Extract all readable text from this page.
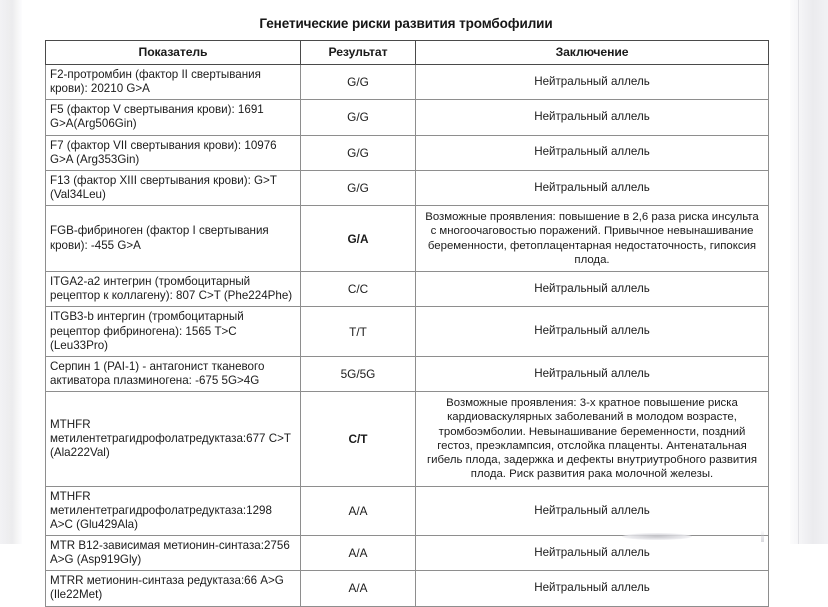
Генетические риски развития тромбофилии
Показатель	Результат	Заключение
F2-протромбин (фактор II свертывания крови): 20210 G>A	G/G	Нейтральный аллель
F5 (фактор V свертывания крови): 1691 G>A(Arg506Gin)	G/G	Нейтральный аллель
F7 (фактор VII свертывания крови): 10976 G>A (Arg353Gin)	G/G	Нейтральный аллель
F13 (фактор XIII свертывания крови): G>T (Val34Leu)	G/G	Нейтральный аллель
FGB-фибриноген (фактор I свертывания крови): -455 G>A	G/A	Возможные проявления: повышение в 2,6 раза риска инсульта с многоочаговостью поражений. Привычное невынашивание беременности, фетоплацентарная недостаточность, гипоксия плода.
ITGA2-a2 интегрин (тромбоцитарный рецептор к коллагену): 807 C>T (Phe224Phe)	C/C	Нейтральный аллель
ITGB3-b интергин (тромбоцитарный рецептор фибриногена): 1565 T>C (Leu33Pro)	T/T	Нейтральный аллель
Серпин 1 (PAI-1) - антагонист тканевого активатора плазминогена: -675 5G>4G	5G/5G	Нейтральный аллель
MTHFR метилентетрагидрофолатредуктаза:677 C>T (Ala222Val)	C/T	Возможные проявления: 3-х кратное повышение риска кардиоваскулярных заболеваний в молодом возрасте, тромбоэмболии. Невынашивание беременности, поздний гестоз, преэклампсия, отслойка плаценты. Антенатальная гибель плода, задержка и дефекты внутриутробного развития плода. Риск развития рака молочной железы.
MTHFR метилентетрагидрофолатредуктаза:1298 A>C (Glu429Ala)	A/A	Нейтральный аллель
MTR B12-зависимая метионин-синтаза:2756 A>G (Asp919Gly)	A/A	Нейтральный аллель
MTRR метионин-синтаза редуктаза:66 A>G (Ile22Met)	A/A	Нейтральный аллель
